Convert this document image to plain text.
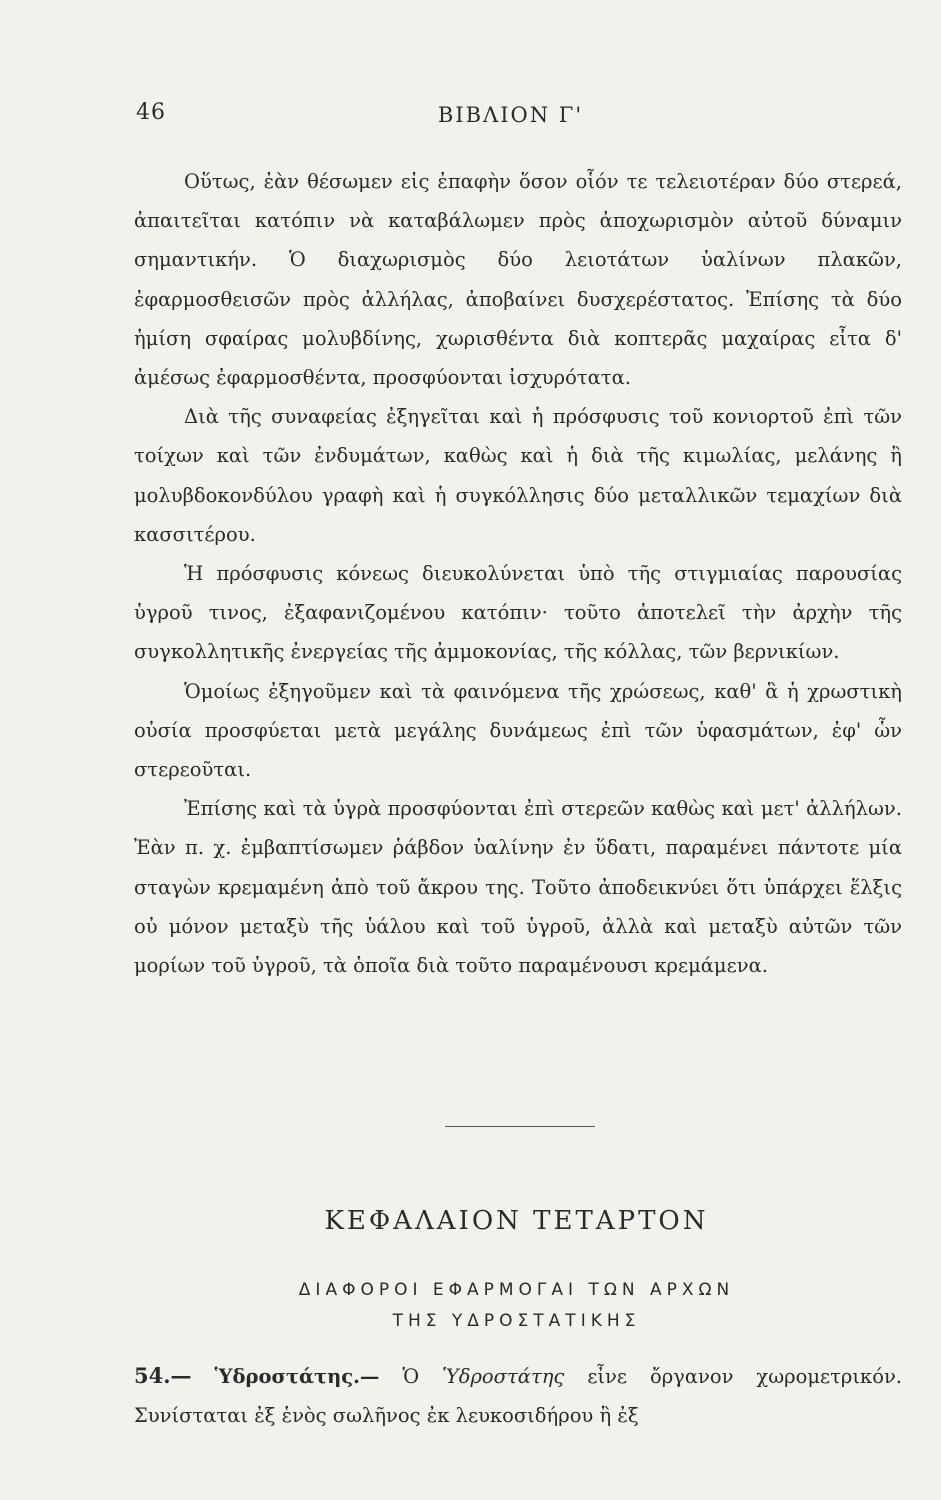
46	ΒΙΒΛΙΟΝ Γ'

Οὕτως, ἐὰν θέσωμεν εἰς ἐπαφὴν ὅσον οἷόν τε τελειοτέραν δύο στερεά, ἀπαιτεῖται κατόπιν νὰ καταβάλωμεν πρὸς ἀποχωρισμὸν αὐτοῦ δύναμιν σημαντικήν. Ὁ διαχωρισμὸς δύο λειοτάτων ὑαλίνων πλακῶν, ἐφαρμοσθεισῶν πρὸς ἀλλήλας, ἀποβαίνει δυσχερέστατος. Ἐπίσης τὰ δύο ἡμίση σφαίρας μολυβδίνης, χωρισθέντα διὰ κοπτερᾶς μαχαίρας εἶτα δ' ἀμέσως ἐφαρμοσθέντα, προσφύονται ἰσχυρότατα.

Διὰ τῆς συναφείας ἐξηγεῖται καὶ ἡ πρόσφυσις τοῦ κονιορτοῦ ἐπὶ τῶν τοίχων καὶ τῶν ἐνδυμάτων, καθὼς καὶ ἡ διὰ τῆς κιμωλίας, μελάνης ἢ μολυβδοκονδύλου γραφὴ καὶ ἡ συγκόλλησις δύο μεταλλικῶν τεμαχίων διὰ κασσιτέρου.

Ἡ πρόσφυσις κόνεως διευκολύνεται ὑπὸ τῆς στιγμιαίας παρουσίας ὑγροῦ τινος, ἐξαφανιζομένου κατόπιν· τοῦτο ἀποτελεῖ τὴν ἀρχὴν τῆς συγκολλητικῆς ἐνεργείας τῆς ἀμμοκονίας, τῆς κόλλας, τῶν βερνικίων.

Ὁμοίως ἐξηγοῦμεν καὶ τὰ φαινόμενα τῆς χρώσεως, καθ' ἃ ἡ χρωστικὴ οὐσία προσφύεται μετὰ μεγάλης δυνάμεως ἐπὶ τῶν ὑφασμάτων, ἐφ' ὧν στερεοῦται.

Ἐπίσης καὶ τὰ ὑγρὰ προσφύονται ἐπὶ στερεῶν καθὼς καὶ μετ' ἀλλήλων. Ἐὰν π. χ. ἐμβαπτίσωμεν ῥάβδον ὑαλίνην ἐν ὕδατι, παραμένει πάντοτε μία σταγὼν κρεμαμένη ἀπὸ τοῦ ἄκρου της. Τοῦτο ἀποδεικνύει ὅτι ὑπάρχει ἕλξις οὐ μόνον μεταξὺ τῆς ὑάλου καὶ τοῦ ὑγροῦ, ἀλλὰ καὶ μεταξὺ αὐτῶν τῶν μορίων τοῦ ὑγροῦ, τὰ ὁποῖα διὰ τοῦτο παραμένουσι κρεμάμενα.

ΚΕΦΑΛΑΙΟΝ ΤΕΤΑΡΤΟΝ
ΔΙΑΦΟΡΟΙ ΕΦΑΡΜΟΓΑΙ ΤΩΝ ΑΡΧΩΝ
ΤΗΣ ΥΔΡΟΣΤΑΤΙΚΗΣ

54.— Ὑδροστάτης.— Ὁ Ὑδροστάτης εἶνε ὄργανον χωρομετρικόν. Συνίσταται ἐξ ἑνὸς σωλῆνος ἐκ λευκοσιδήρου ἢ ἐξ
